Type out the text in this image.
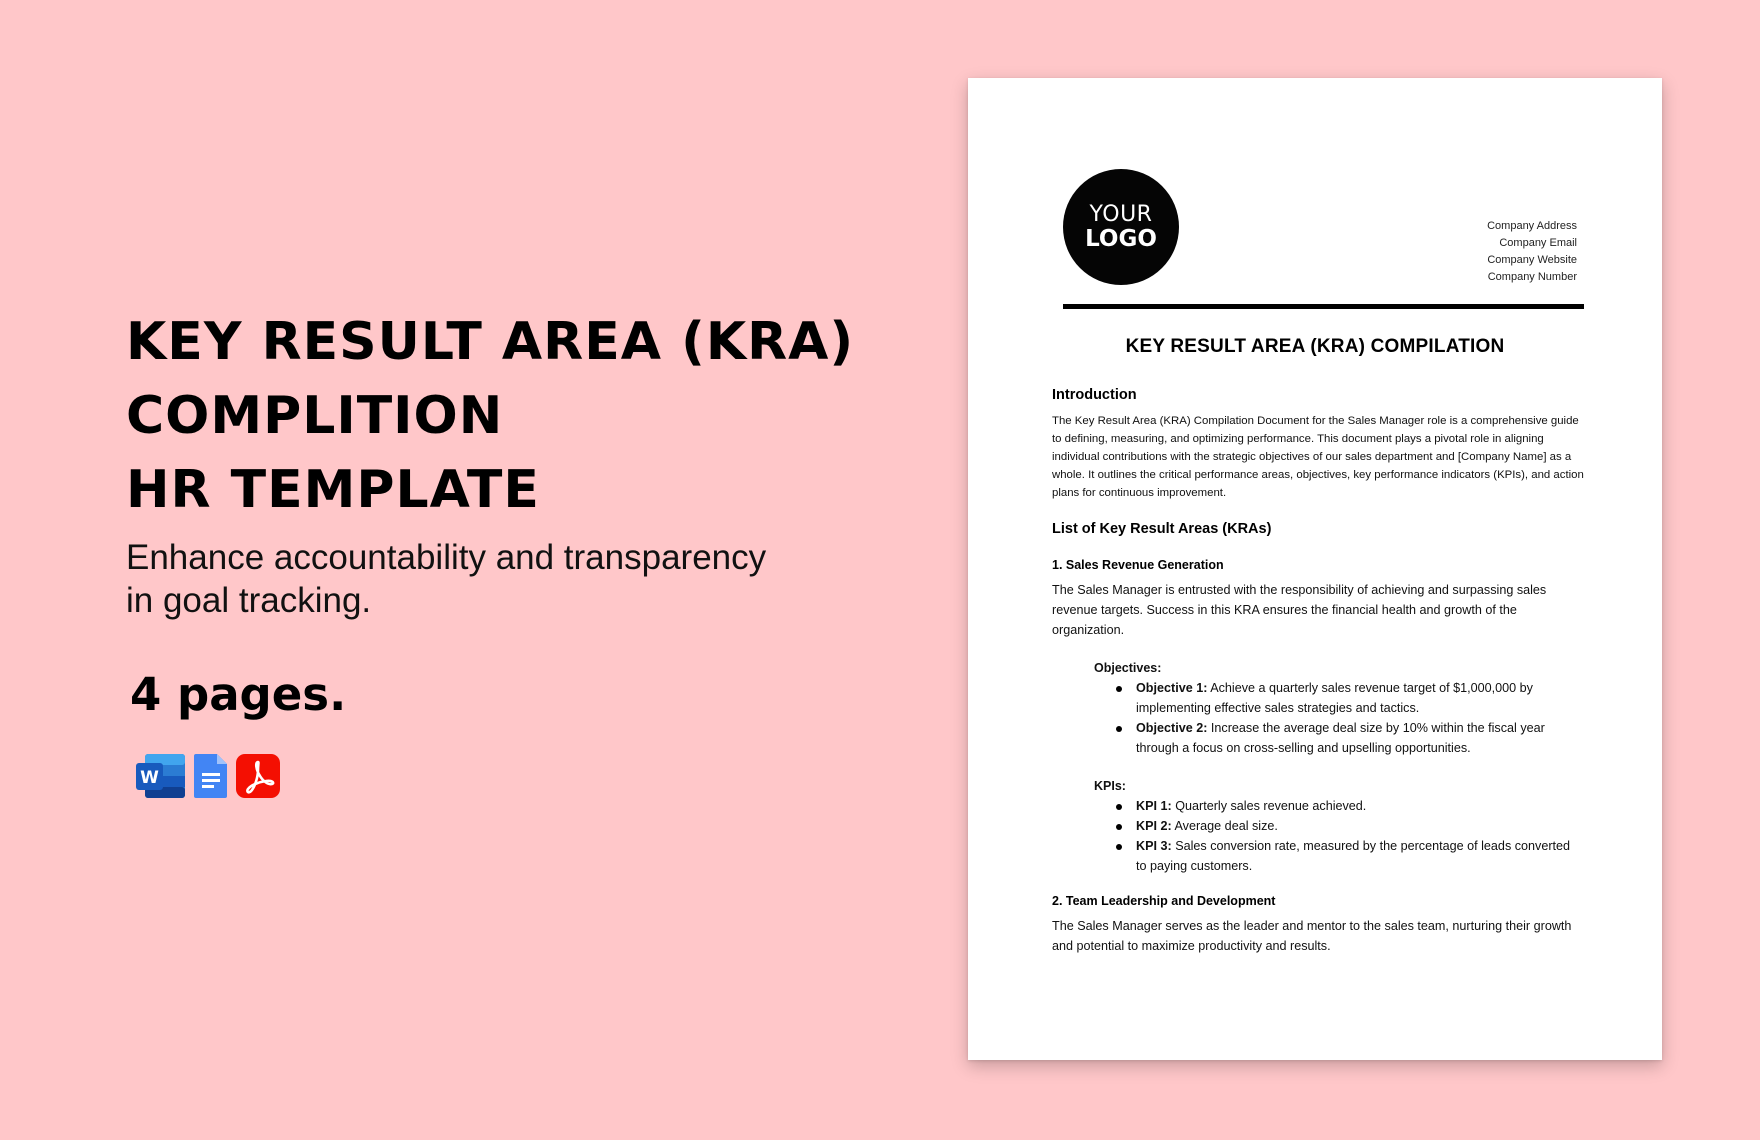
KEY RESULT AREA (KRA)
COMPLITION
HR TEMPLATE
Enhance accountability and transparency
in goal tracking.
4 pages.
W
YOUR
LOGO	Company Address
Company Email
Company Website
Company Number
KEY RESULT AREA (KRA) COMPILATION
Introduction

The Key Result Area (KRA) Compilation Document for the Sales Manager role is a comprehensive guide to defining, measuring, and optimizing performance. This document plays a pivotal role in aligning individual contributions with the strategic objectives of our sales department and [Company Name] as a whole. It outlines the critical performance areas, objectives, key performance indicators (KPIs), and action plans for continuous improvement.

List of Key Result Areas (KRAs)
1. Sales Revenue Generation

The Sales Manager is entrusted with the responsibility of achieving and surpassing sales revenue targets. Success in this KRA ensures the financial health and growth of the organization.

Objectives:
Objective 1: Achieve a quarterly sales revenue target of $1,000,000 by implementing effective sales strategies and tactics.
Objective 2: Increase the average deal size by 10% within the fiscal year through a focus on cross-selling and upselling opportunities.
KPIs:
KPI 1: Quarterly sales revenue achieved.
KPI 2: Average deal size.
KPI 3: Sales conversion rate, measured by the percentage of leads converted to paying customers.
2. Team Leadership and Development

The Sales Manager serves as the leader and mentor to the sales team, nurturing their growth and potential to maximize productivity and results.
